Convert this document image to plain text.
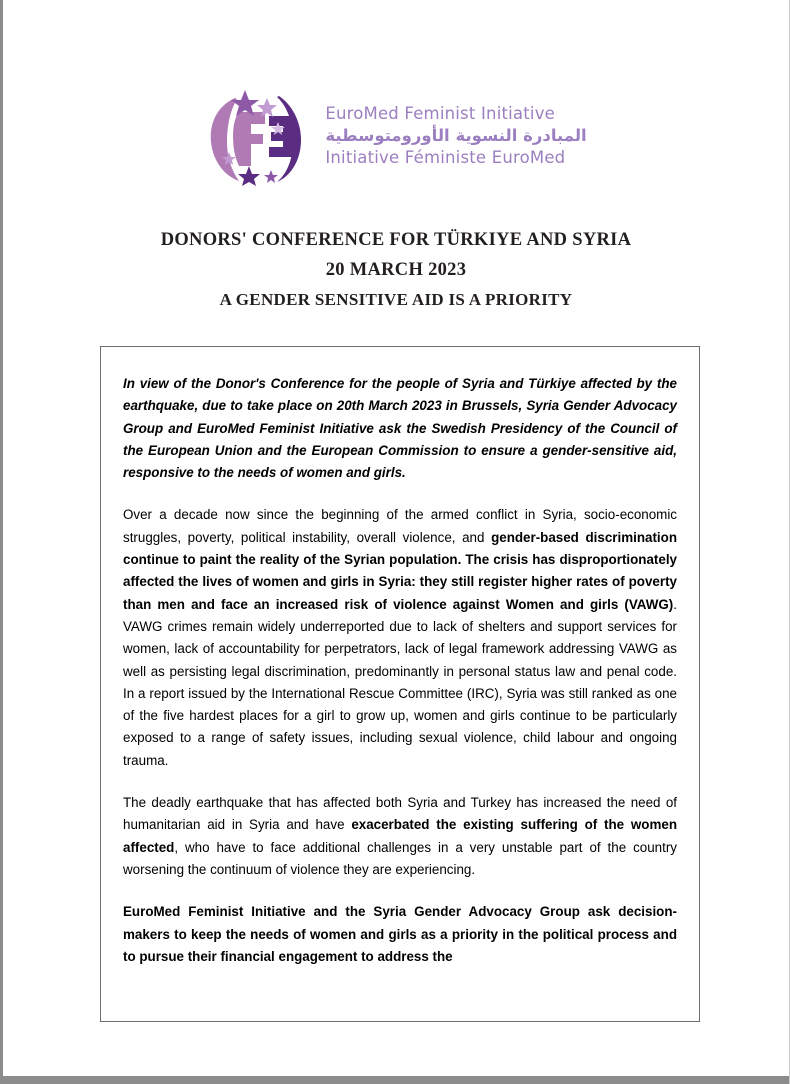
EuroMed Feminist Initiative
المبادرة النسوية الأورومتوسطية
Initiative Féministe EuroMed
DONORS' CONFERENCE FOR TÜRKIYE AND SYRIA
20 MARCH 2023
A GENDER SENSITIVE AID IS A PRIORITY

In view of the Donor's Conference for the people of Syria and Türkiye affected by the earthquake, due to take place on 20th March 2023 in Brussels, Syria Gender Advocacy Group and EuroMed Feminist Initiative ask the Swedish Presidency of the Council of the European Union and the European Commission to ensure a gender-sensitive aid, responsive to the needs of women and girls.

Over a decade now since the beginning of the armed conflict in Syria, socio-economic struggles, poverty, political instability, overall violence, and gender-based discrimination continue to paint the reality of the Syrian population. The crisis has disproportionately affected the lives of women and girls in Syria: they still register higher rates of poverty than men and face an increased risk of violence against Women and girls (VAWG). VAWG crimes remain widely underreported due to lack of shelters and support services for women, lack of accountability for perpetrators, lack of legal framework addressing VAWG as well as persisting legal discrimination, predominantly in personal status law and penal code. In a report issued by the International Rescue Committee (IRC), Syria was still ranked as one of the five hardest places for a girl to grow up, women and girls continue to be particularly exposed to a range of safety issues, including sexual violence, child labour and ongoing trauma.

The deadly earthquake that has affected both Syria and Turkey has increased the need of humanitarian aid in Syria and have exacerbated the existing suffering of the women affected, who have to face additional challenges in a very unstable part of the country worsening the continuum of violence they are experiencing.

EuroMed Feminist Initiative and the Syria Gender Advocacy Group ask decision-makers to keep the needs of women and girls as a priority in the political process and to pursue their financial engagement to address the
